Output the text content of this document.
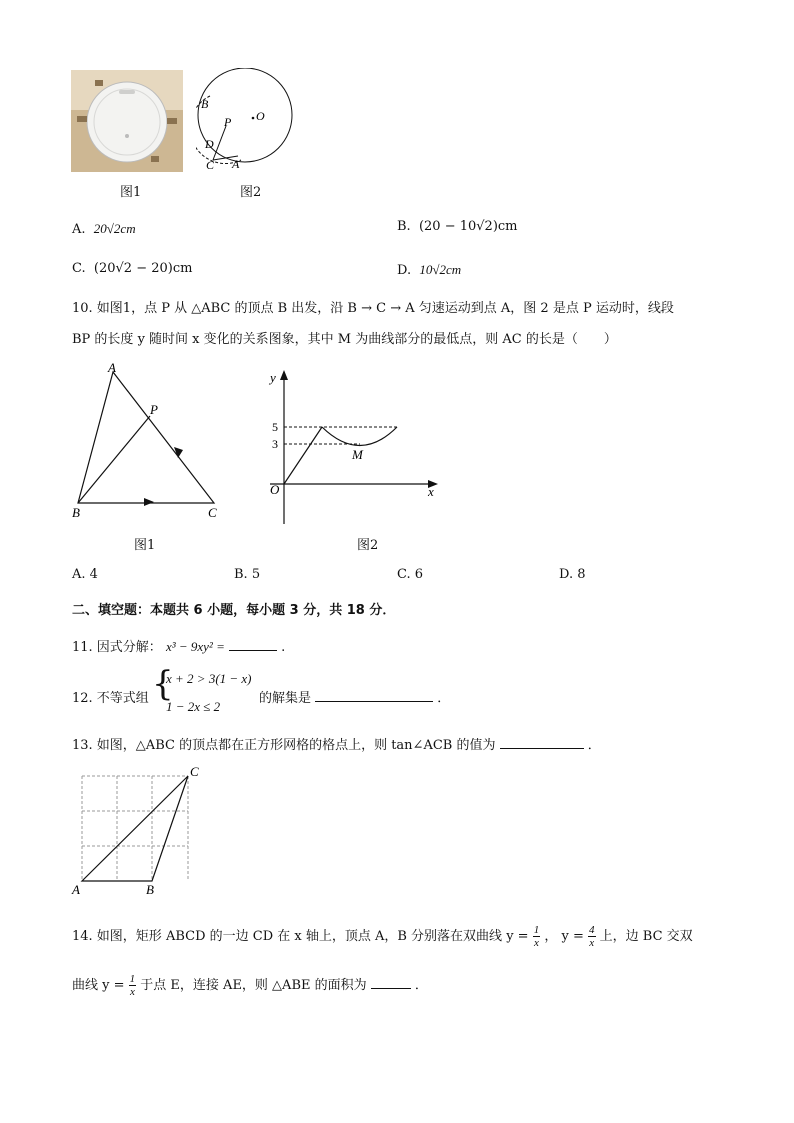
图1
B
P O
D
C A
图2
A. 20√2cm	B. (20 − 10√2)cm
C. (20√2 − 20)cm	D. 10√2cm
10. 如图1，点 P 从 △ABC 的顶点 B 出发，沿 B → C → A 匀速运动到点 A，图 2 是点 P 运动时，线段
BP 的长度 y 随时间 x 变化的关系图象，其中 M 为曲线部分的最低点，则 AC 的长是（　　）
A
P
B	C
图1
y
5
3
M
O	x
图2
A. 4	B. 5	C. 6	D. 8
二、填空题：本题共 6 小题，每小题 3 分，共 18 分．
11. 因式分解： x³ − 9xy² =	.
12. 不等式组 {
x + 2 > 3(1 − x)
1 − 2x ≤ 2
的解集是	．
13. 如图，△ABC 的顶点都在正方形网格的格点上，则 tan∠ACB 的值为	．
A	B
C
14. 如图，矩形 ABCD 的一边 CD 在 x 轴上，顶点 A，B 分别落在双曲线 $y = \frac{1}{x}$ ， $y = \frac{4}{x}$ 上，边 BC 交双
曲线 $y = \frac{1}{x}$ 于点 E，连接 AE，则 △ABE 的面积为	．
